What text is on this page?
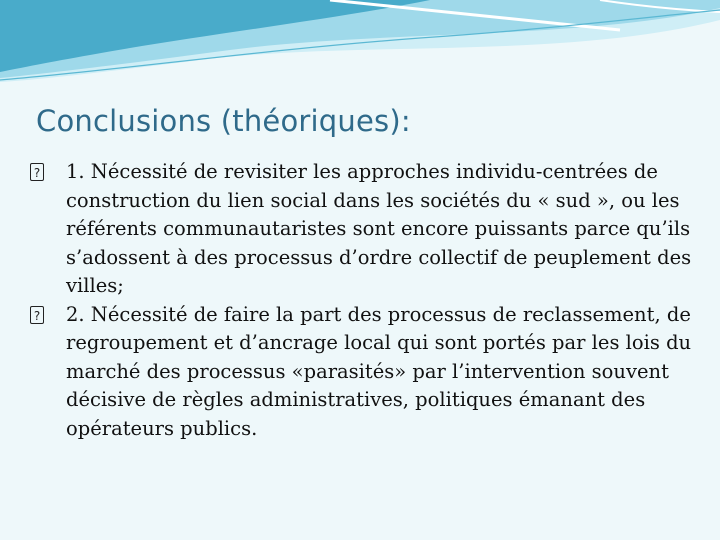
Conclusions (théoriques):

? 1. Nécessité de revisiter les approches individu-centrées de construction du lien social dans les sociétés du « sud », ou les référents communautaristes sont encore puissants parce qu’ils s’adossent à des processus d’ordre collectif de peuplement des villes;

? 2. Nécessité de faire la part des processus de reclassement, de regroupement et d’ancrage local qui sont portés par les lois du marché des processus «parasités» par l’intervention souvent décisive de règles administratives, politiques émanant des opérateurs publics.
